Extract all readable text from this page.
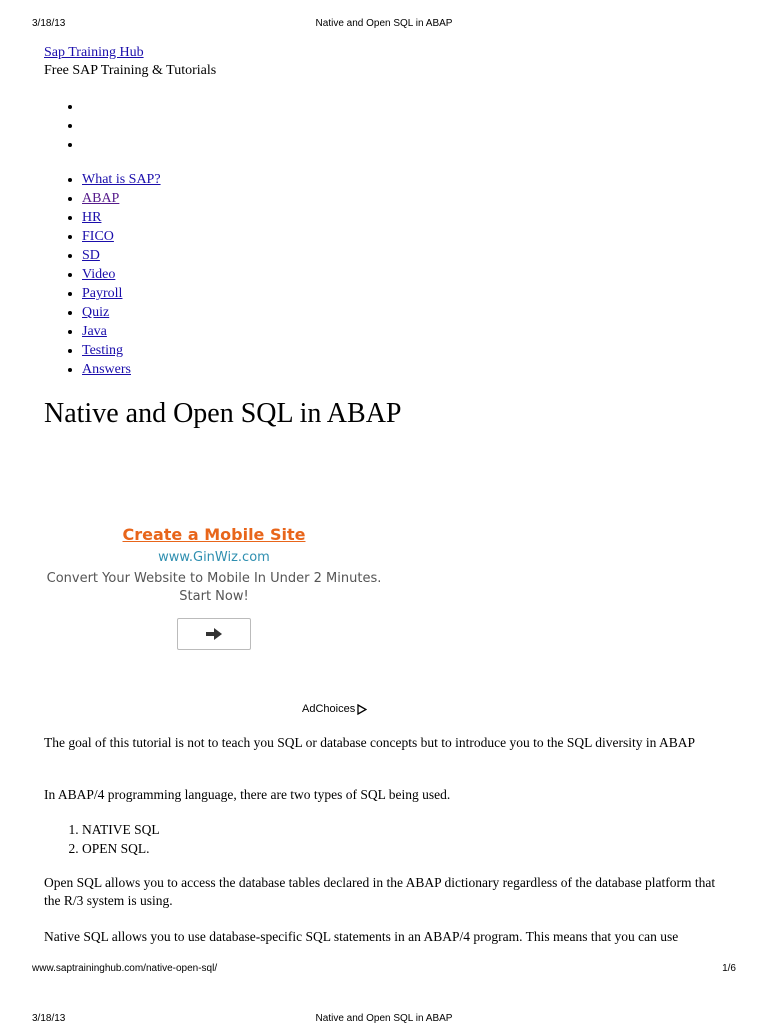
3/18/13	Native and Open SQL in ABAP

Sap Training Hub

Free SAP Training & Tutorials

•
•
•
• What is SAP?
• ABAP
• HR
• FICO
• SD
• Video
• Payroll
• Quiz
• Java
• Testing
• Answers
Native and Open SQL in ABAP
Create a Mobile Site
www.GinWiz.com
Convert Your Website to Mobile In Under 2 Minutes. Start Now!
AdChoices

The goal of this tutorial is not to teach you SQL or database concepts but to introduce you to the SQL diversity in ABAP

In ABAP/4 programming language, there are two types of SQL being used.

1. NATIVE SQL
2. OPEN SQL.

Open SQL allows you to access the database tables declared in the ABAP dictionary regardless of the database platform that the R/3 system is using.

Native SQL allows you to use database-specific SQL statements in an ABAP/4 program. This means that you can use

www.saptraininghub.com/native-open-sql/	1/6
3/18/13	Native and Open SQL in ABAP
